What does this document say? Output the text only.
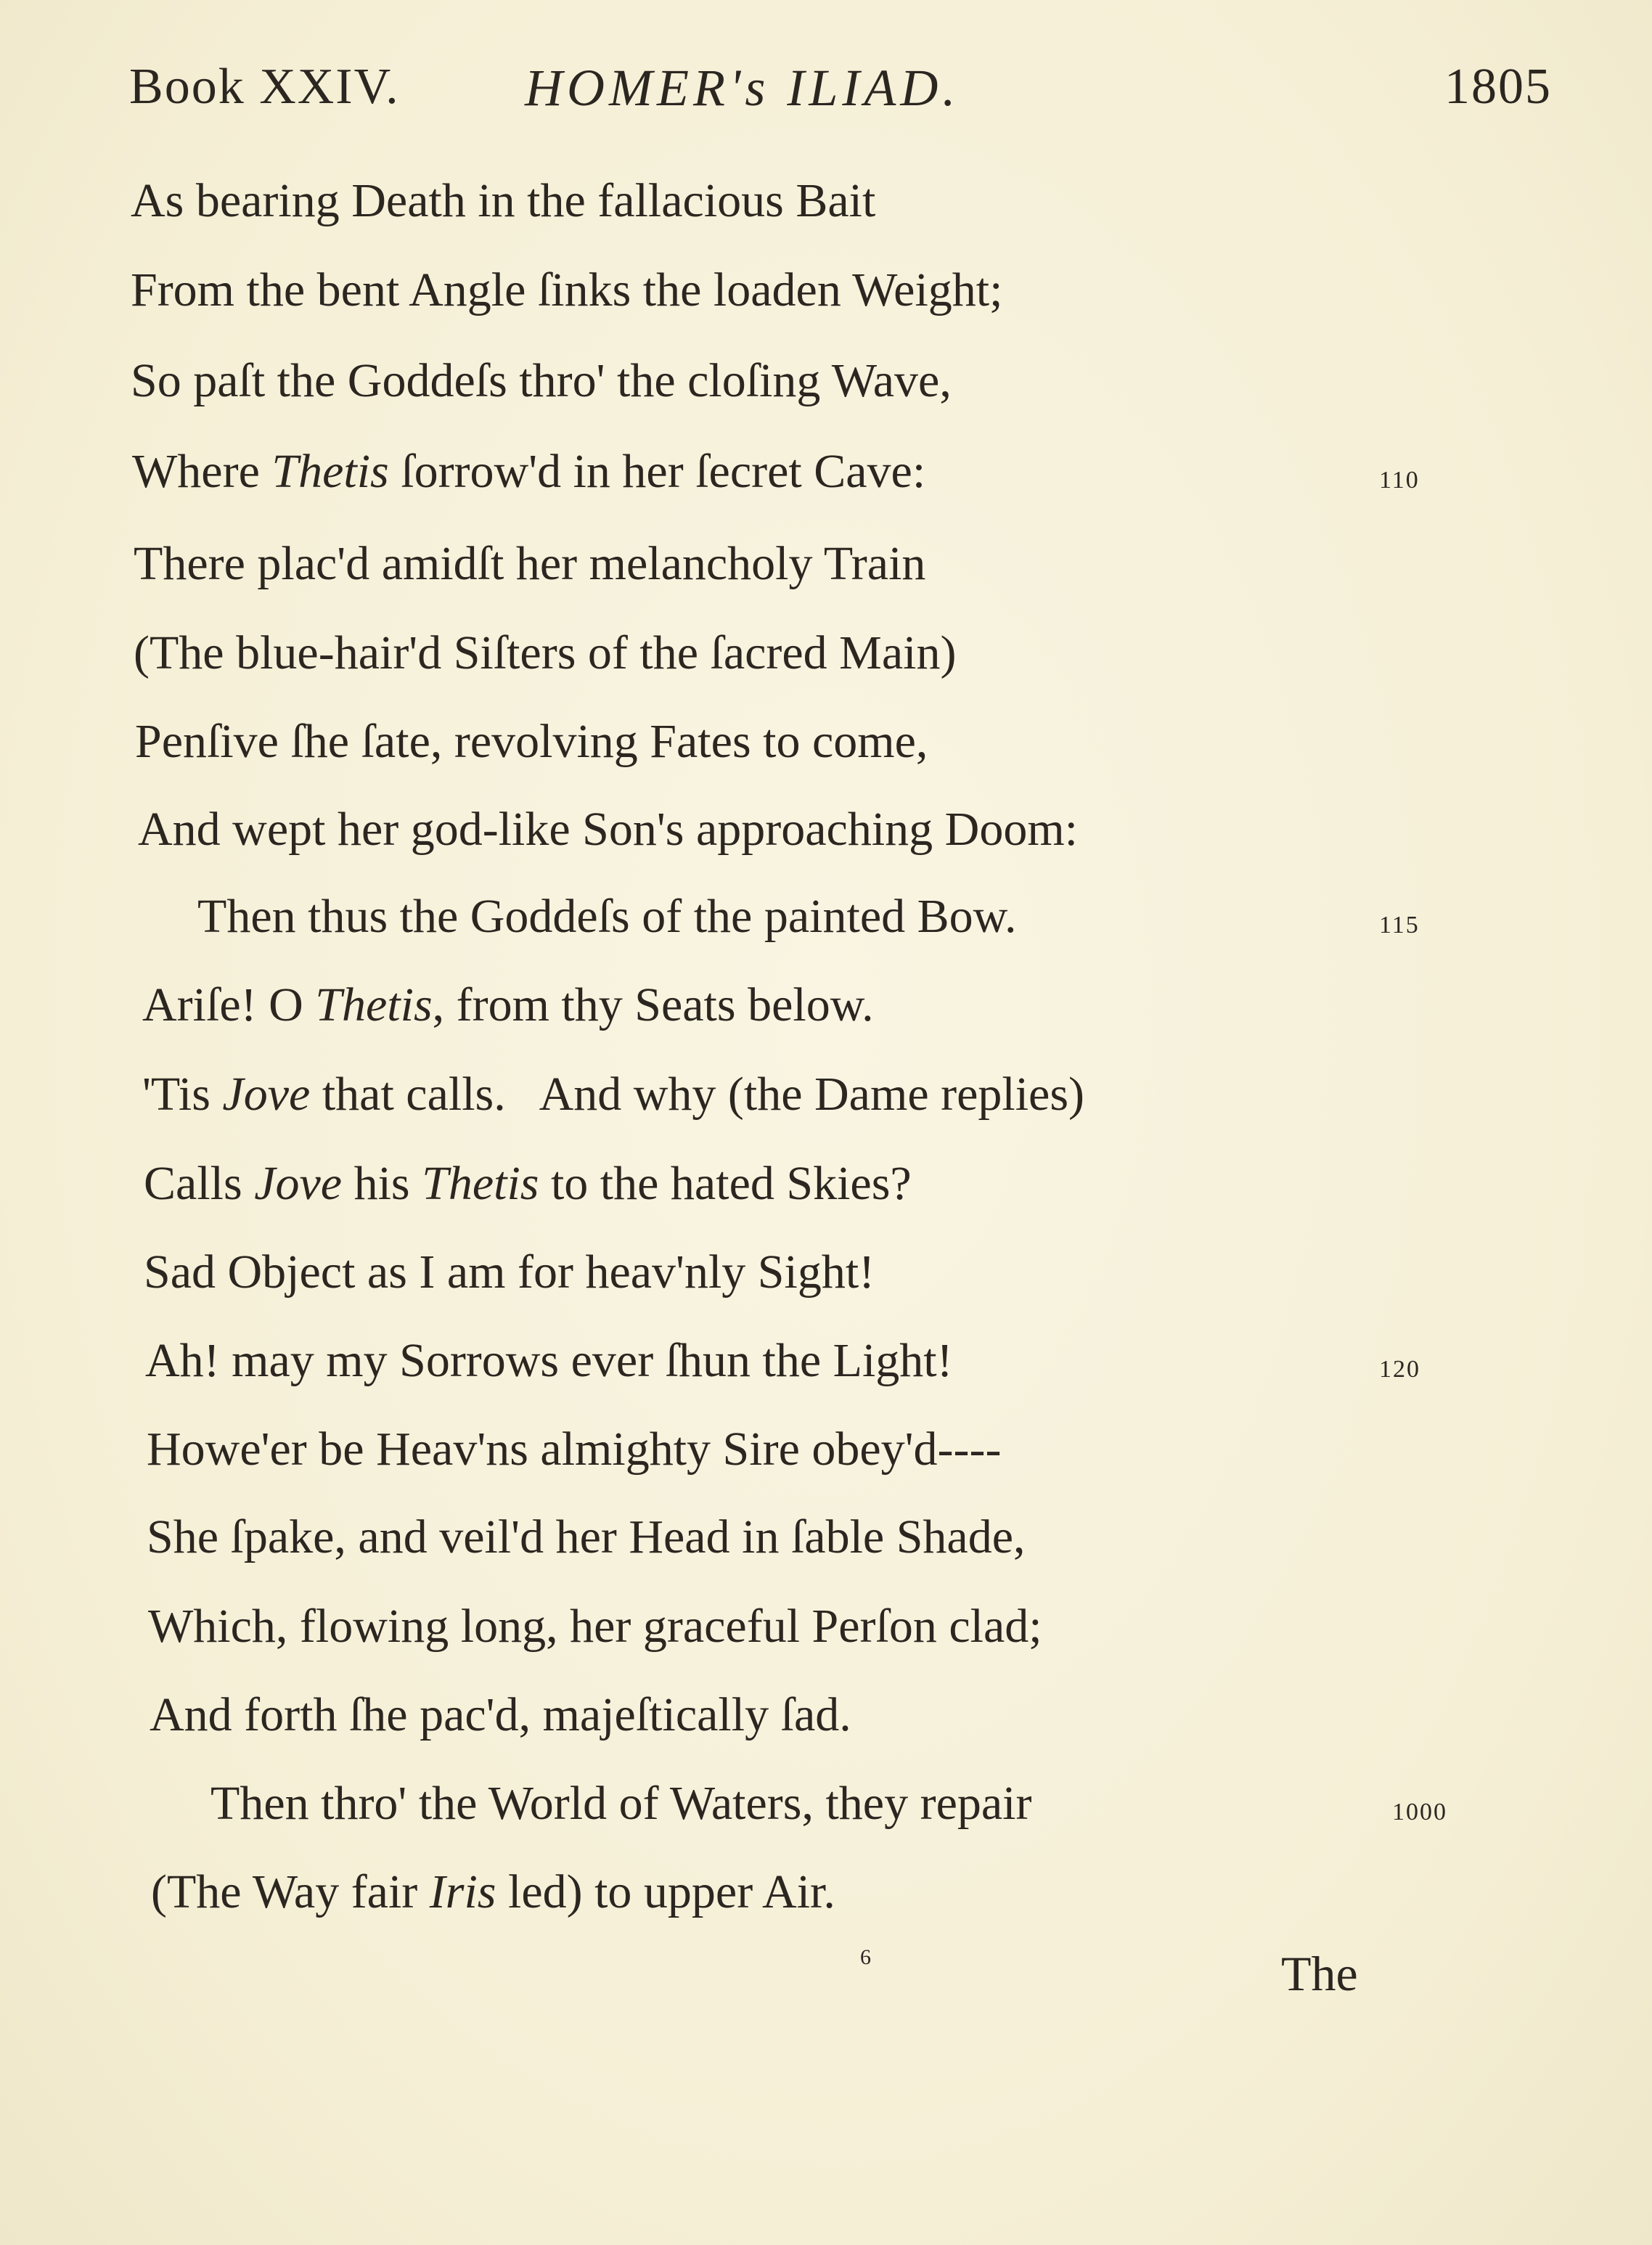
Book XXIV. HOMER's ILIAD.	1805
As bearing Death in the fallacious Bait
From the bent Angle ſinks the loaden Weight;
So paſt the Goddeſs thro' the cloſing Wave,
Where Thetis ſorrow'd in her ſecret Cave:	110
There plac'd amidſt her melancholy Train
(The blue-hair'd Siſters of the ſacred Main)
Penſive ſhe ſate, revolving Fates to come,
And wept her god-like Son's approaching Doom:
Then thus the Goddeſs of the painted Bow.	115
Ariſe! O Thetis, from thy Seats below.
'Tis Jove that calls.   And why (the Dame replies)
Calls Jove his Thetis to the hated Skies?
Sad Object as I am for heav'nly Sight!
Ah! may my Sorrows ever ſhun the Light!	120
Howe'er be Heav'ns almighty Sire obey'd----
She ſpake, and veil'd her Head in ſable Shade,
Which, flowing long, her graceful Perſon clad;
And forth ſhe pac'd, majeſtically ſad.
Then thro' the World of Waters, they repair	1000
(The Way fair Iris led) to upper Air.
6	The
